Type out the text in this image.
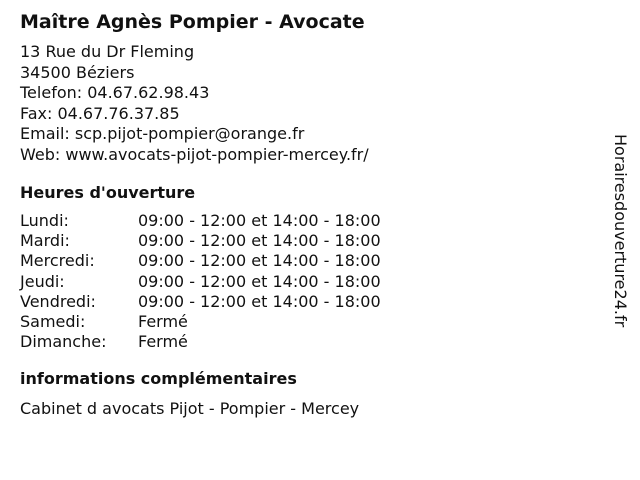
Maître Agnès Pompier - Avocate
13 Rue du Dr Fleming
34500 Béziers
Telefon: 04.67.62.98.43
Fax: 04.67.76.37.85
Email: scp.pijot-pompier@orange.fr
Web: www.avocats-pijot-pompier-mercey.fr/
Heures d'ouverture
Lundi:	09:00 - 12:00 et 14:00 - 18:00
Mardi:	09:00 - 12:00 et 14:00 - 18:00
Mercredi:	09:00 - 12:00 et 14:00 - 18:00
Jeudi:	09:00 - 12:00 et 14:00 - 18:00
Vendredi:	09:00 - 12:00 et 14:00 - 18:00
Samedi:	Fermé
Dimanche:	Fermé
informations complémentaires
Cabinet d avocats Pijot - Pompier - Mercey
Horairesdouverture24.fr
